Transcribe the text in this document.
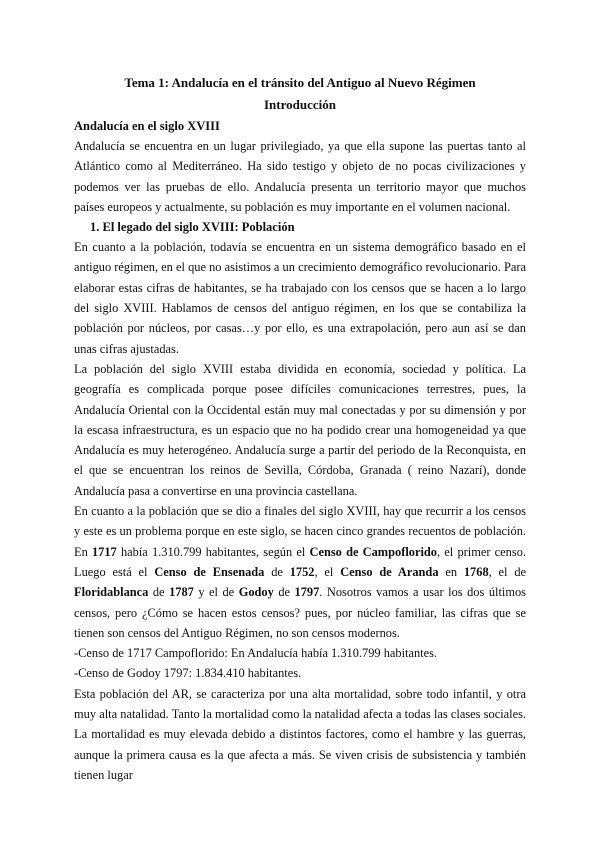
Tema 1: Andalucía en el tránsito del Antiguo al Nuevo Régimen
Introducción
Andalucía en el siglo XVIII

Andalucía se encuentra en un lugar privilegiado, ya que ella supone las puertas tanto al Atlántico como al Mediterráneo. Ha sido testigo y objeto de no pocas civilizaciones y podemos ver las pruebas de ello. Andalucía presenta un territorio mayor que muchos países europeos y actualmente, su población es muy importante en el volumen nacional.

1. El legado del siglo XVIII: Población

En cuanto a la población, todavía se encuentra en un sistema demográfico basado en el antiguo régimen, en el que no asistimos a un crecimiento demográfico revolucionario. Para elaborar estas cifras de habitantes, se ha trabajado con los censos que se hacen a lo largo del siglo XVIII. Hablamos de censos del antiguo régimen, en los que se contabiliza la población por núcleos, por casas…y por ello, es una extrapolación, pero aun así se dan unas cifras ajustadas.

La población del siglo XVIII estaba dividida en economía, sociedad y política. La geografía es complicada porque posee difíciles comunicaciones terrestres, pues, la Andalucía Oriental con la Occidental están muy mal conectadas y por su dimensión y por la escasa infraestructura, es un espacio que no ha podido crear una homogeneidad ya que Andalucía es muy heterogéneo. Andalucía surge a partir del periodo de la Reconquista, en el que se encuentran los reinos de Sevilla, Córdoba, Granada ( reino Nazarí), donde Andalucía pasa a convertirse en una provincia castellana.

En cuanto a la población que se dio a finales del siglo XVIII, hay que recurrir a los censos y este es un problema porque en este siglo, se hacen cinco grandes recuentos de población. En 1717 había 1.310.799 habitantes, según el Censo de Campoflorido, el primer censo. Luego está el Censo de Ensenada de 1752, el Censo de Aranda en 1768, el de Floridablanca de 1787 y el de Godoy de 1797. Nosotros vamos a usar los dos últimos censos, pero ¿Cómo se hacen estos censos? pues, por núcleo familiar, las cifras que se tienen son censos del Antiguo Régimen, no son censos modernos.

-Censo de 1717 Campoflorido: En Andalucía había 1.310.799 habitantes.

-Censo de Godoy 1797: 1.834.410 habitantes.

Esta población del AR, se caracteriza por una alta mortalidad, sobre todo infantil, y otra muy alta natalidad. Tanto la mortalidad como la natalidad afecta a todas las clases sociales. La mortalidad es muy elevada debido a distintos factores, como el hambre y las guerras, aunque la primera causa es la que afecta a más. Se viven crisis de subsistencia y también tienen lugar
